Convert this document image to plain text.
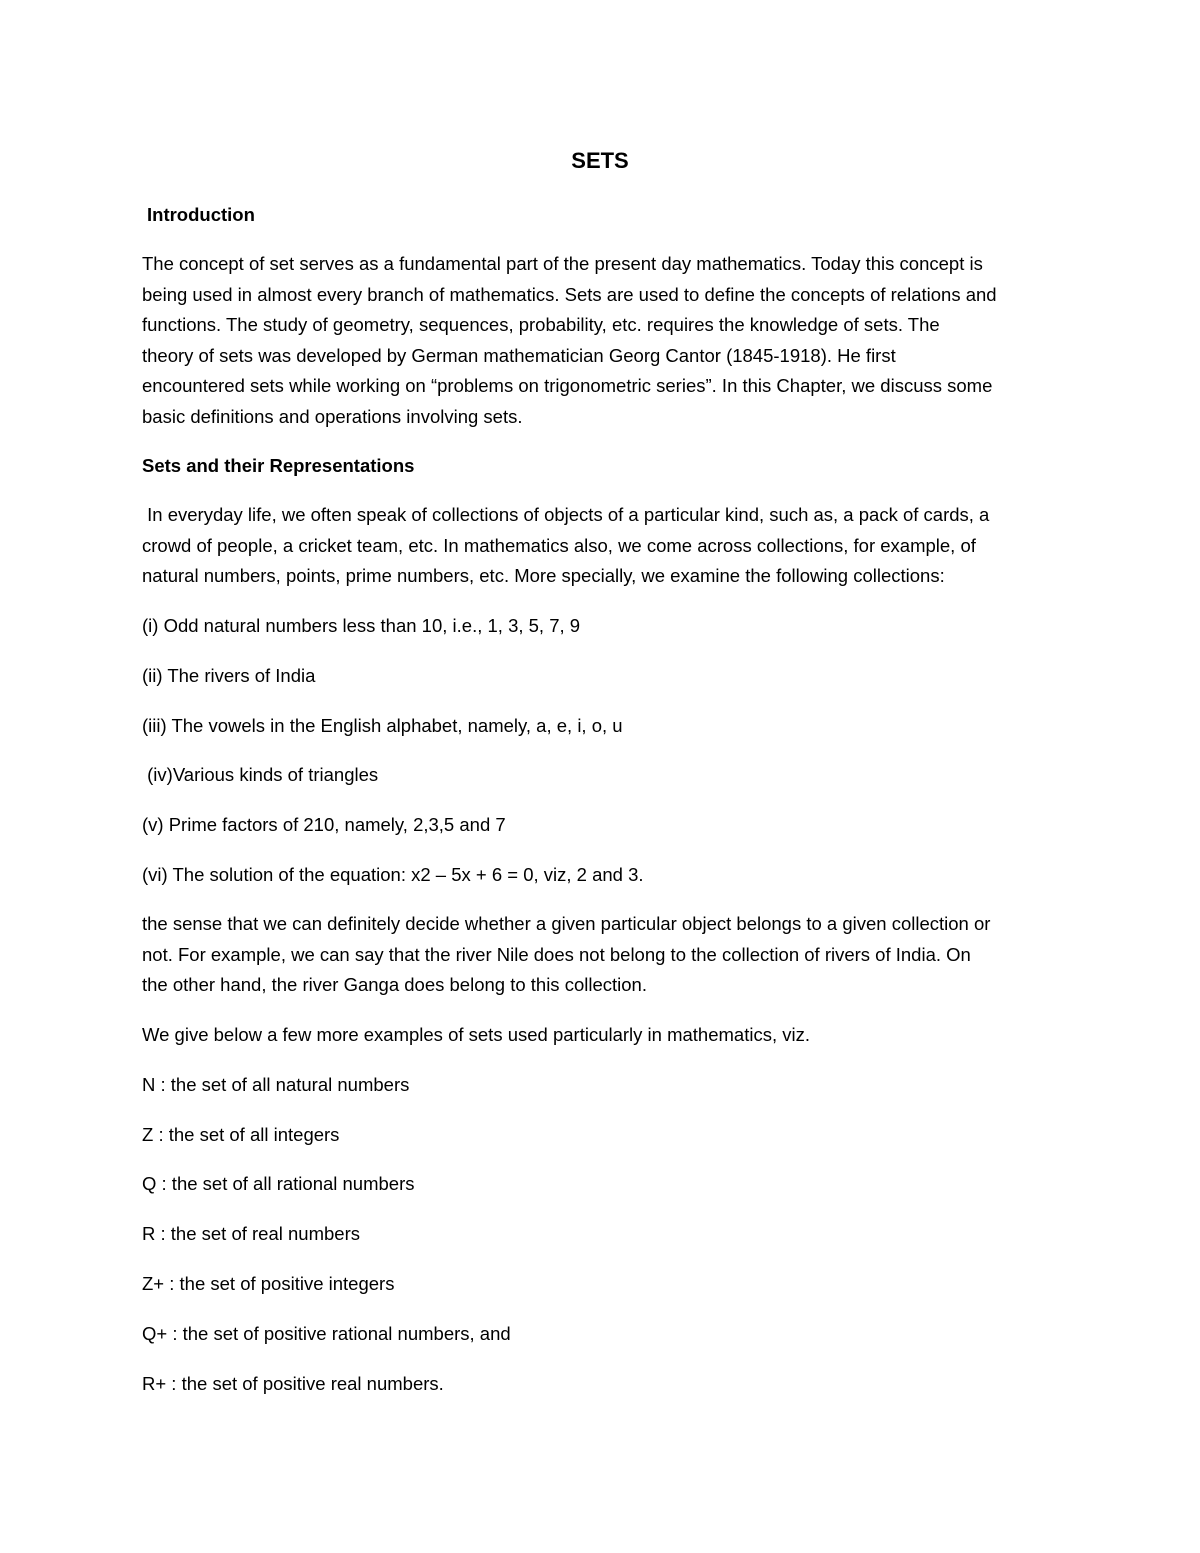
SETS
Introduction
The concept of set serves as a fundamental part of the present day mathematics. Today this concept is
being used in almost every branch of mathematics. Sets are used to define the concepts of relations and
functions. The study of geometry, sequences, probability, etc. requires the knowledge of sets. The
theory of sets was developed by German mathematician Georg Cantor (1845-1918). He first
encountered sets while working on “problems on trigonometric series”. In this Chapter, we discuss some
basic definitions and operations involving sets.
Sets and their Representations
In everyday life, we often speak of collections of objects of a particular kind, such as, a pack of cards, a
crowd of people, a cricket team, etc. In mathematics also, we come across collections, for example, of
natural numbers, points, prime numbers, etc. More specially, we examine the following collections:
(i) Odd natural numbers less than 10, i.e., 1, 3, 5, 7, 9
(ii) The rivers of India
(iii) The vowels in the English alphabet, namely, a, e, i, o, u
(iv)Various kinds of triangles
(v) Prime factors of 210, namely, 2,3,5 and 7
(vi) The solution of the equation: x2 – 5x + 6 = 0, viz, 2 and 3.
the sense that we can definitely decide whether a given particular object belongs to a given collection or
not. For example, we can say that the river Nile does not belong to the collection of rivers of India. On
the other hand, the river Ganga does belong to this collection.
We give below a few more examples of sets used particularly in mathematics, viz.
N : the set of all natural numbers
Z : the set of all integers
Q : the set of all rational numbers
R : the set of real numbers
Z+ : the set of positive integers
Q+ : the set of positive rational numbers, and
R+ : the set of positive real numbers.
